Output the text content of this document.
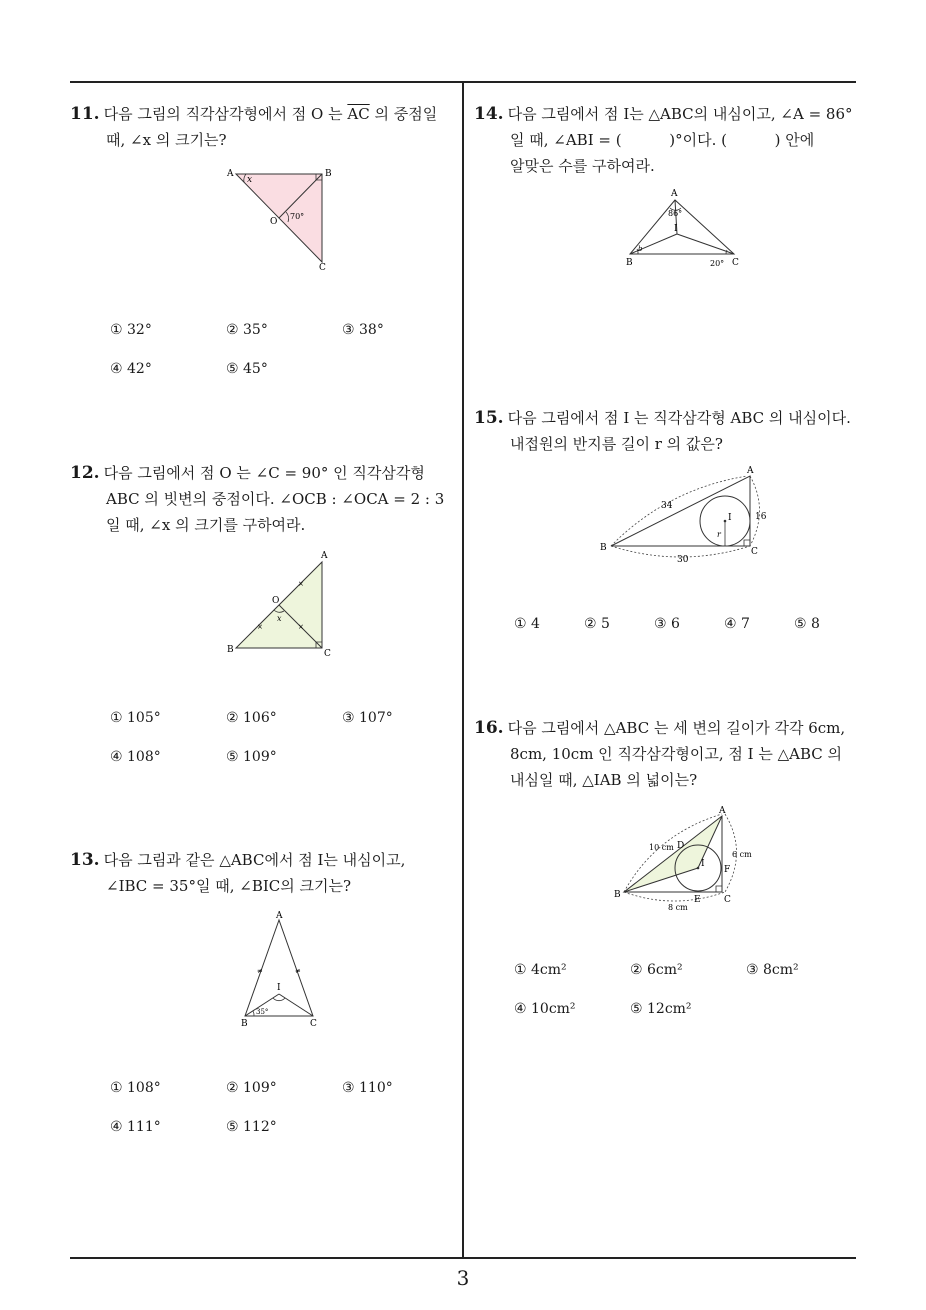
11. 다음 그림의 직각삼각형에서 점 O 는 $\overline{AC}$ 의 중점일
때, ∠x 의 크기는?
A	B
C
O
x
70°
① 32°	② 35°	③ 38°
④ 42°	⑤ 45°
12. 다음 그림에서 점 O 는 ∠C = 90° 인 직각삼각형
ABC 의 빗변의 중점이다. ∠OCB : ∠OCA = 2 : 3
일 때, ∠x 의 크기를 구하여라.
×
×	×
A
B	C
O
x
① 105°	② 106°	③ 107°
④ 108°	⑤ 109°
13. 다음 그림과 같은 △ABC에서 점 I는 내심이고,
∠IBC = 35°일 때, ∠BIC의 크기는?
≠	≠
A
B	C
I
35°
① 108°	② 109°	③ 110°
④ 111°	⑤ 112°
14. 다음 그림에서 점 I는 △ABC의 내심이고, ∠A = 86°
일 때, ∠ABI = (          )°이다. (          ) 안에
알맞은 수를 구하여라.
A
B	C
I
86°
20°
b
15. 다음 그림에서 점 I 는 직각삼각형 ABC 의 내심이다.
내접원의 반지름 길이 r 의 값은?
A
B	C
I
r
34
16
30
① 4	② 5	③ 6	④ 7	⑤ 8
16. 다음 그림에서 △ABC 는 세 변의 길이가 각각 6cm,
8cm, 10cm 인 직각삼각형이고, 점 I 는 △ABC 의
내심일 때, △IAB 의 넓이는?
A
B	C
D
E
F
I
10 cm
6 cm
8 cm
① 4cm²	② 6cm²	③ 8cm²
④ 10cm²	⑤ 12cm²
3
